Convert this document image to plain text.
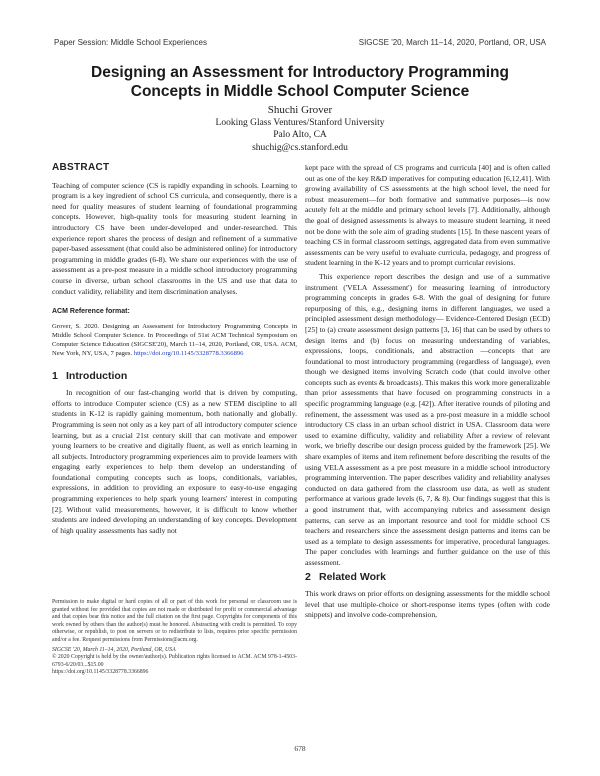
Paper Session: Middle School Experiences	SIGCSE '20, March 11–14, 2020, Portland, OR, USA
Designing an Assessment for Introductory Programming
Concepts in Middle School Computer Science
Shuchi Grover
Looking Glass Ventures/Stanford University
Palo Alto, CA
shuchig@cs.stanford.edu
ABSTRACT

Teaching of computer science (CS is rapidly expanding in schools. Learning to program is a key ingredient of school CS curricula, and consequently, there is a need for quality measures of student learning of foundational programming concepts. However, high-quality tools for measuring student learning in introductory CS have been under-developed and under-researched. This experience report shares the process of design and refinement of a summative paper-based assessment (that could also be administered online) for introductory programming in middle grades (6-8). We share our experiences with the use of assessment as a pre-post measure in a middle school introductory programming course in diverse, urban school classrooms in the US and use that data to conduct validity, reliability and item discrimination analyses.

ACM Reference format:
Grover, S. 2020. Designing an Assessment for Introductory Programming Concepts in Middle School Computer Science. In Proceedings of 51st ACM Technical Symposium on Computer Science Education (SIGCSE'20), March 11–14, 2020, Portland, OR, USA. ACM, New York, NY, USA, 7 pages. https://doi.org/10.1145/3328778.3366896
1 Introduction

In recognition of our fast-changing world that is driven by computing, efforts to introduce Computer science (CS) as a new STEM discipline to all students in K-12 is rapidly gaining momentum, both nationally and globally. Programming is seen not only as a key part of all introductory computer science learning, but as a crucial 21st century skill that can motivate and empower young learners to be creative and digitally fluent, as well as enrich learning in all subjects. Introductory programming experiences aim to provide learners with engaging early experiences to help them develop an understanding of foundational computing concepts such as loops, conditionals, variables, expressions, in addition to providing an exposure to easy-to-use engaging programming experiences to help spark young learners' interest in computing [2]. Without valid measurements, however, it is difficult to know whether students are indeed developing an understanding of key concepts. Development of high quality assessments has sadly not

Permission to make digital or hard copies of all or part of this work for personal or classroom use is granted without fee provided that copies are not made or distributed for profit or commercial advantage and that copies bear this notice and the full citation on the first page. Copyrights for components of this work owned by others than the author(s) must be honored. Abstracting with credit is permitted. To copy otherwise, or republish, to post on servers or to redistribute to lists, requires prior specific permission and/or a fee. Request permissions from Permissions@acm.org.

SIGCSE '20, March 11–14, 2020, Portland, OR, USA

© 2020 Copyright is held by the owner/author(s). Publication rights licensed to ACM. ACM 978-1-4503-6793-6/20/03...$15.00

https://doi.org/10.1145/3328778.3366896

kept pace with the spread of CS programs and curricula [40] and is often called out as one of the key R&D imperatives for computing education [6,12,41]. With growing availability of CS assessments at the high school level, the need for robust measurement—for both formative and summative purposes—is now acutely felt at the middle and primary school levels [7]. Additionally, although the goal of designed assessments is always to measure student learning, it need not be done with the sole aim of grading students [15]. In these nascent years of teaching CS in formal classroom settings, aggregated data from even summative assessments can be very useful to evaluate curricula, pedagogy, and progress of student learning in the K-12 years and to prompt curricular revisions.

This experience report describes the design and use of a summative instrument ('VELA Assessment') for measuring learning of introductory programming concepts in grades 6-8. With the goal of designing for future repurposing of this, e.g., designing items in different languages, we used a principled assessment design methodology— Evidence-Centered Design (ECD) [25] to (a) create assessment design patterns [3, 16] that can be used by others to design items and (b) focus on measuring understanding of variables, expressions, loops, conditionals, and abstraction —concepts that are foundational to most introductory programming (regardless of language), even though we designed items involving Scratch code (that could involve other concepts such as events & broadcasts). This makes this work more generalizable than prior assessments that have focused on programming constructs in a specific programming language (e.g. [42]). After iterative rounds of piloting and refinement, the assessment was used as a pre-post measure in a middle school introductory CS class in an urban school district in USA. Classroom data were used to examine difficulty, validity and reliability After a review of relevant work, we briefly describe our design process guided by the framework [25]. We share examples of items and item refinement before describing the results of the using VELA assessment as a pre post measure in a middle school introductory programming intervention. The paper describes validity and reliability analyses conducted on data gathered from the classroom use data, as well as student performance at various grade levels (6, 7, & 8). Our findings suggest that this is a good instrument that, with accompanying rubrics and assessment design patterns, can serve as an important resource and tool for middle school CS teachers and researchers since the assessment design patterns and items can be used as a template to design assessments for imperative, procedural languages. The paper concludes with learnings and further guidance on the use of this assessment.

2 Related Work

This work draws on prior efforts on designing assessments for the middle school level that use multiple-choice or short-response items types (often with code snippets) and involve code-comprehension,

678
